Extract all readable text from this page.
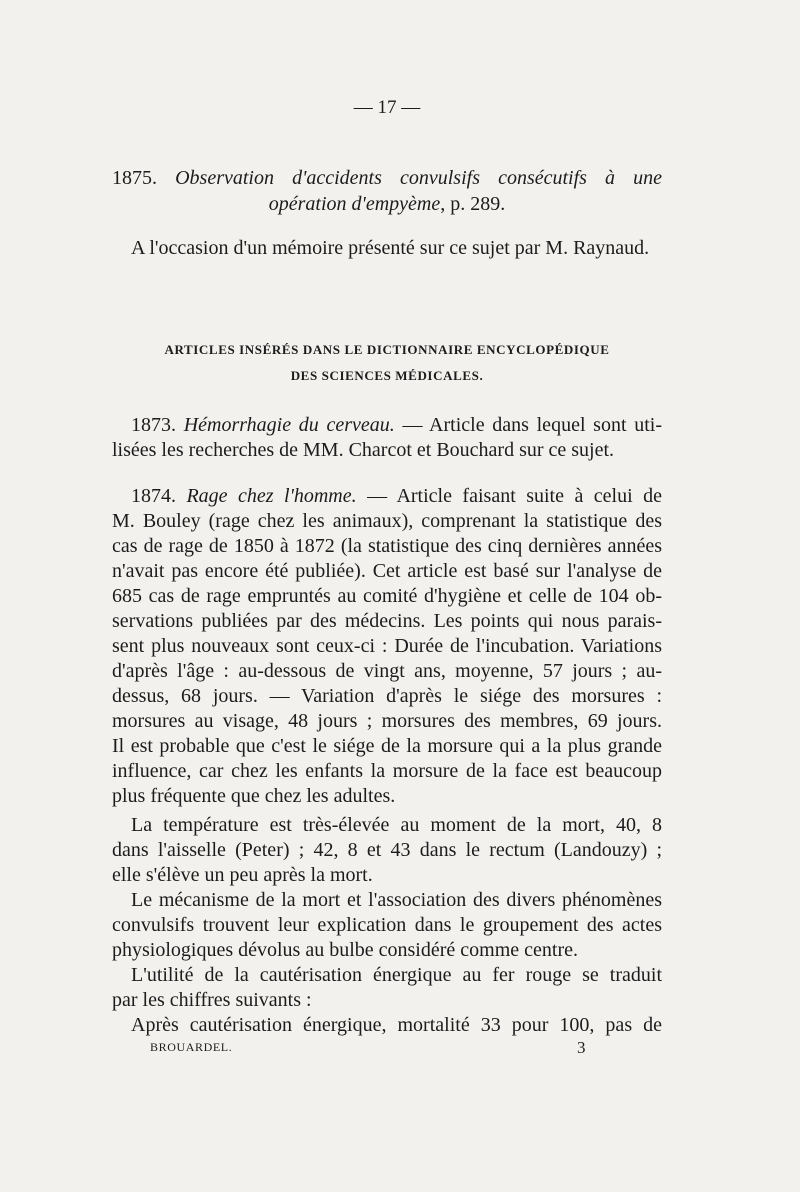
— 17 —
1875. Observation d'accidents convulsifs consécutifs à une
opération d'empyème, p. 289.
A l'occasion d'un mémoire présenté sur ce sujet par M. Raynaud.
ARTICLES INSÉRÉS DANS LE DICTIONNAIRE ENCYCLOPÉDIQUE
DES SCIENCES MÉDICALES.
1873. Hémorrhagie du cerveau. — Article dans lequel sont uti-
lisées les recherches de MM. Charcot et Bouchard sur ce sujet.
1874. Rage chez l'homme. — Article faisant suite à celui de
M. Bouley (rage chez les animaux), comprenant la statistique des
cas de rage de 1850 à 1872 (la statistique des cinq dernières années
n'avait pas encore été publiée). Cet article est basé sur l'analyse de
685 cas de rage empruntés au comité d'hygiène et celle de 104 ob-
servations publiées par des médecins. Les points qui nous parais-
sent plus nouveaux sont ceux-ci : Durée de l'incubation. Variations
d'après l'âge : au-dessous de vingt ans, moyenne, 57 jours ; au-
dessus, 68 jours. — Variation d'après le siége des morsures :
morsures au visage, 48 jours ; morsures des membres, 69 jours.
Il est probable que c'est le siége de la morsure qui a la plus grande
influence, car chez les enfants la morsure de la face est beaucoup
plus fréquente que chez les adultes.
La température est très-élevée au moment de la mort, 40, 8
dans l'aisselle (Peter) ; 42, 8 et 43 dans le rectum (Landouzy) ;
elle s'élève un peu après la mort.
Le mécanisme de la mort et l'association des divers phénomènes
convulsifs trouvent leur explication dans le groupement des actes
physiologiques dévolus au bulbe considéré comme centre.
L'utilité de la cautérisation énergique au fer rouge se traduit
par les chiffres suivants :
Après cautérisation énergique, mortalité 33 pour 100, pas de
BROUARDEL.	3
